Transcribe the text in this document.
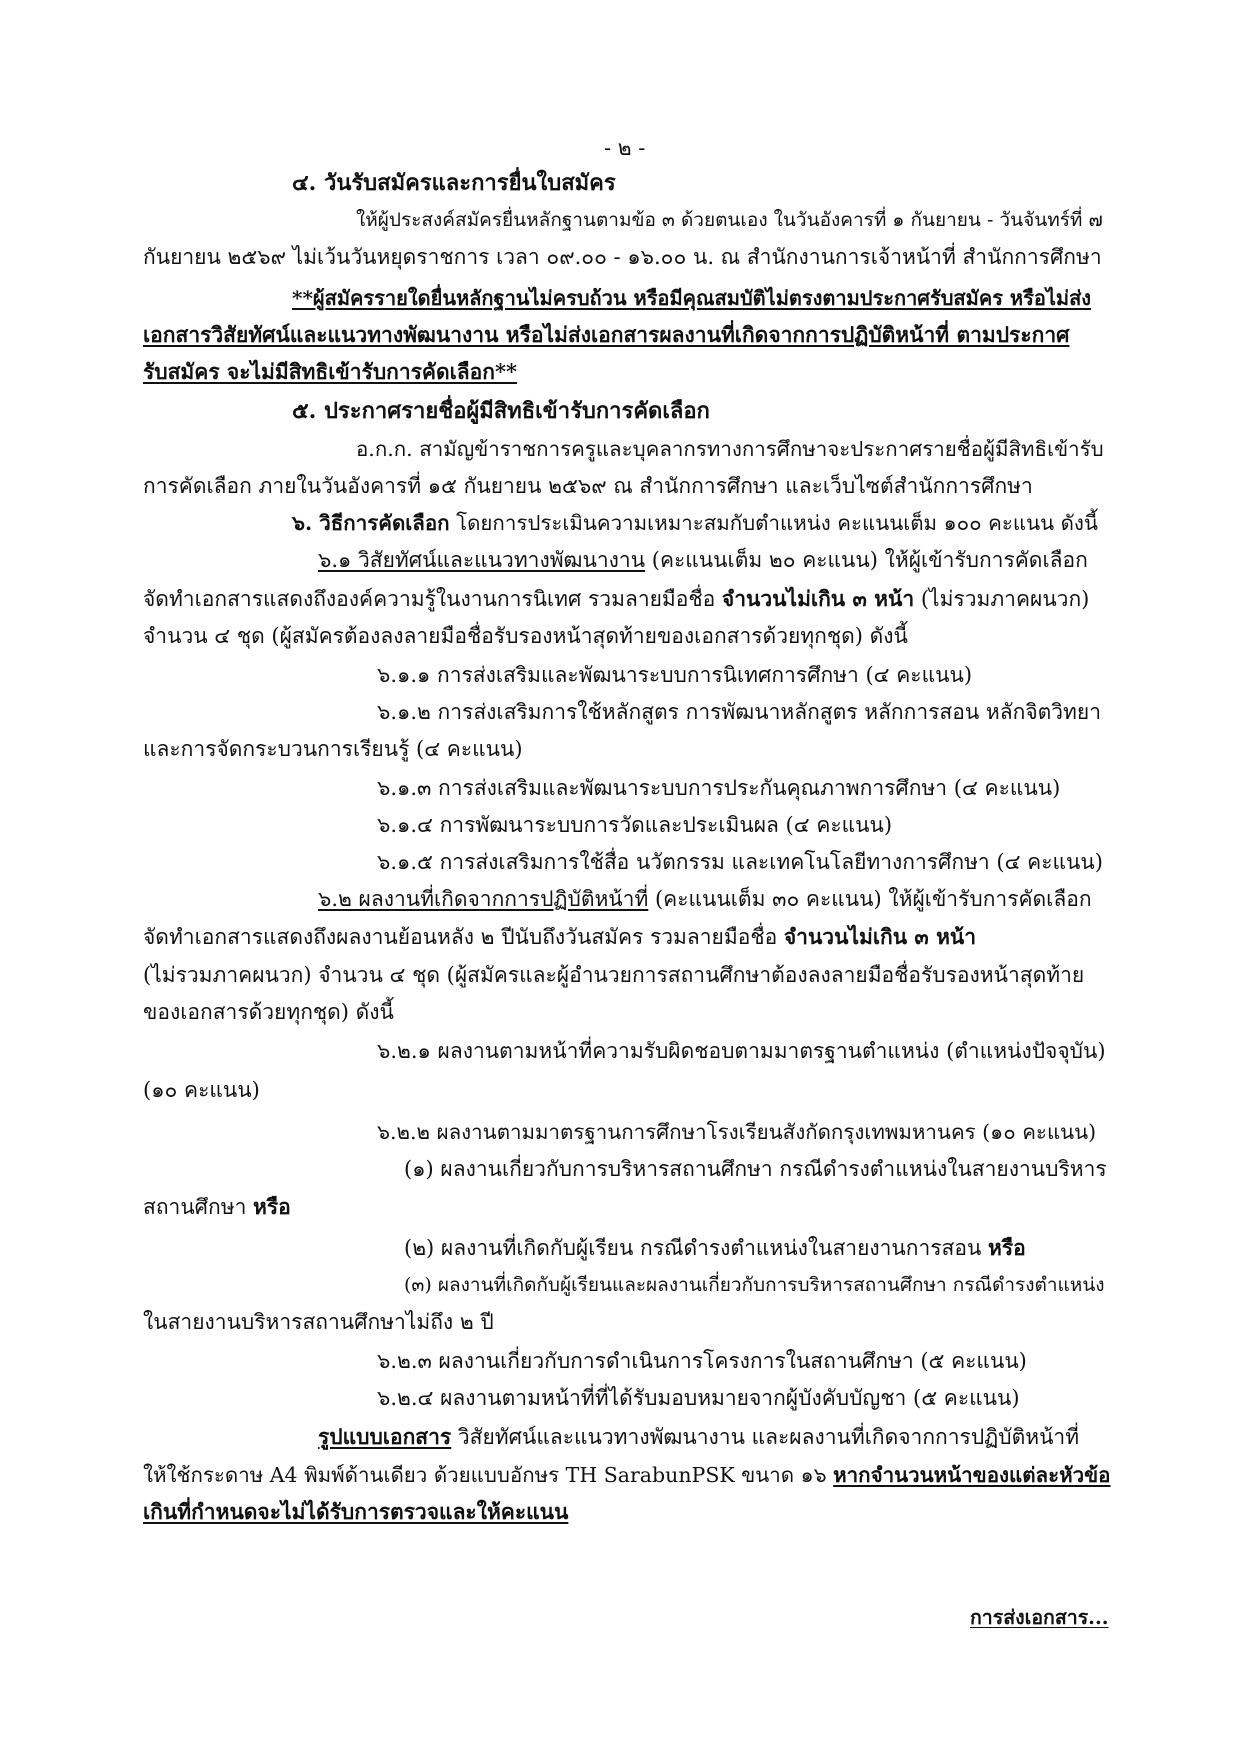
- ๒ -
๔. วันรับสมัครและการยื่นใบสมัคร
ให้ผู้ประสงค์สมัครยื่นหลักฐานตามข้อ ๓ ด้วยตนเอง ในวันอังคารที่ ๑ กันยายน - วันจันทร์ที่ ๗
กันยายน ๒๕๖๙ ไม่เว้นวันหยุดราชการ เวลา ๐๙.๐๐ - ๑๖.๐๐ น. ณ สำนักงานการเจ้าหน้าที่ สำนักการศึกษา
**ผู้สมัครรายใดยื่นหลักฐานไม่ครบถ้วน หรือมีคุณสมบัติไม่ตรงตามประกาศรับสมัคร หรือไม่ส่ง
เอกสารวิสัยทัศน์และแนวทางพัฒนางาน หรือไม่ส่งเอกสารผลงานที่เกิดจากการปฏิบัติหน้าที่ ตามประกาศ
รับสมัคร จะไม่มีสิทธิเข้ารับการคัดเลือก**
๕. ประกาศรายชื่อผู้มีสิทธิเข้ารับการคัดเลือก
อ.ก.ก. สามัญข้าราชการครูและบุคลากรทางการศึกษาจะประกาศรายชื่อผู้มีสิทธิเข้ารับ
การคัดเลือก ภายในวันอังคารที่ ๑๕ กันยายน ๒๕๖๙ ณ สำนักการศึกษา และเว็บไซต์สำนักการศึกษา
๖. วิธีการคัดเลือก โดยการประเมินความเหมาะสมกับตำแหน่ง คะแนนเต็ม ๑๐๐ คะแนน ดังนี้
๖.๑ วิสัยทัศน์และแนวทางพัฒนางาน (คะแนนเต็ม ๒๐ คะแนน) ให้ผู้เข้ารับการคัดเลือก
จัดทำเอกสารแสดงถึงองค์ความรู้ในงานการนิเทศ รวมลายมือชื่อ จำนวนไม่เกิน ๓ หน้า (ไม่รวมภาคผนวก)
จำนวน ๔ ชุด (ผู้สมัครต้องลงลายมือชื่อรับรองหน้าสุดท้ายของเอกสารด้วยทุกชุด) ดังนี้
๖.๑.๑ การส่งเสริมและพัฒนาระบบการนิเทศการศึกษา (๔ คะแนน)
๖.๑.๒ การส่งเสริมการใช้หลักสูตร การพัฒนาหลักสูตร หลักการสอน หลักจิตวิทยา
และการจัดกระบวนการเรียนรู้ (๔ คะแนน)
๖.๑.๓ การส่งเสริมและพัฒนาระบบการประกันคุณภาพการศึกษา (๔ คะแนน)
๖.๑.๔ การพัฒนาระบบการวัดและประเมินผล (๔ คะแนน)
๖.๑.๕ การส่งเสริมการใช้สื่อ นวัตกรรม และเทคโนโลยีทางการศึกษา (๔ คะแนน)
๖.๒ ผลงานที่เกิดจากการปฏิบัติหน้าที่ (คะแนนเต็ม ๓๐ คะแนน) ให้ผู้เข้ารับการคัดเลือก
จัดทำเอกสารแสดงถึงผลงานย้อนหลัง ๒ ปีนับถึงวันสมัคร รวมลายมือชื่อ จำนวนไม่เกิน ๓ หน้า
(ไม่รวมภาคผนวก) จำนวน ๔ ชุด (ผู้สมัครและผู้อำนวยการสถานศึกษาต้องลงลายมือชื่อรับรองหน้าสุดท้าย
ของเอกสารด้วยทุกชุด) ดังนี้
๖.๒.๑ ผลงานตามหน้าที่ความรับผิดชอบตามมาตรฐานตำแหน่ง (ตำแหน่งปัจจุบัน)
(๑๐ คะแนน)
๖.๒.๒ ผลงานตามมาตรฐานการศึกษาโรงเรียนสังกัดกรุงเทพมหานคร (๑๐ คะแนน)
(๑) ผลงานเกี่ยวกับการบริหารสถานศึกษา กรณีดำรงตำแหน่งในสายงานบริหาร
สถานศึกษา หรือ
(๒) ผลงานที่เกิดกับผู้เรียน กรณีดำรงตำแหน่งในสายงานการสอน หรือ
(๓) ผลงานที่เกิดกับผู้เรียนและผลงานเกี่ยวกับการบริหารสถานศึกษา กรณีดำรงตำแหน่ง
ในสายงานบริหารสถานศึกษาไม่ถึง ๒ ปี
๖.๒.๓ ผลงานเกี่ยวกับการดำเนินการโครงการในสถานศึกษา (๕ คะแนน)
๖.๒.๔ ผลงานตามหน้าที่ที่ได้รับมอบหมายจากผู้บังคับบัญชา (๕ คะแนน)
รูปแบบเอกสาร วิสัยทัศน์และแนวทางพัฒนางาน และผลงานที่เกิดจากการปฏิบัติหน้าที่
ให้ใช้กระดาษ A4 พิมพ์ด้านเดียว ด้วยแบบอักษร TH SarabunPSK ขนาด ๑๖ หากจำนวนหน้าของแต่ละหัวข้อ
เกินที่กำหนดจะไม่ได้รับการตรวจและให้คะแนน
การส่งเอกสาร...
